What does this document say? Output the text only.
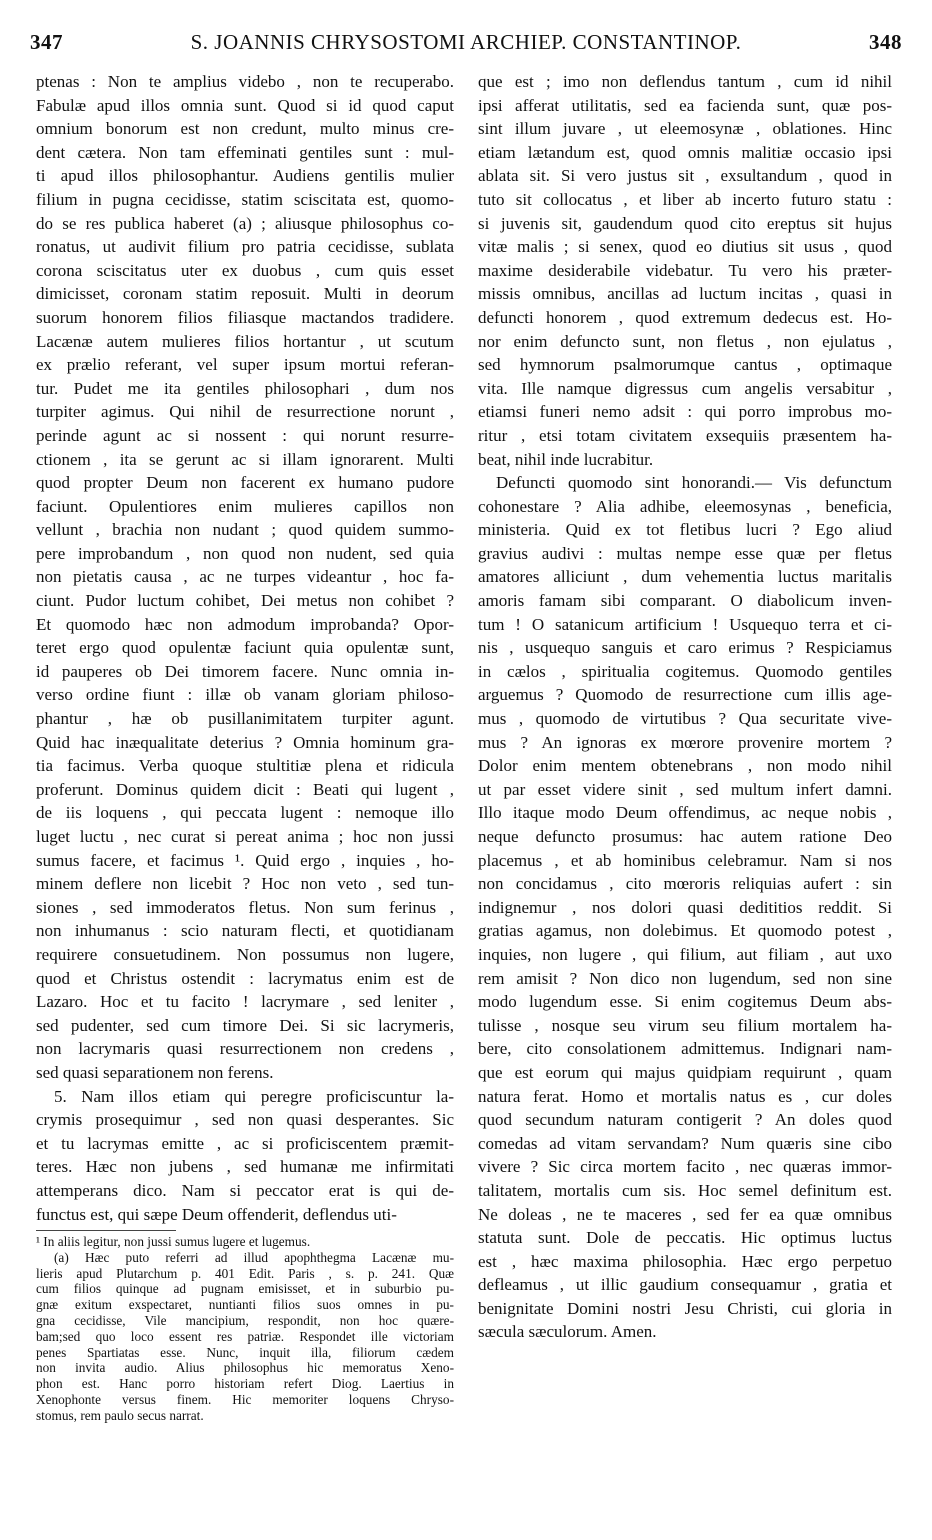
347	S. JOANNIS CHRYSOSTOMI ARCHIEP. CONSTANTINOP.	348
ptenas : Non te amplius videbo , non te recuperabo.
Fabulæ apud illos omnia sunt. Quod si id quod caput
omnium bonorum est non credunt, multo minus cre-
dent cætera. Non tam effeminati gentiles sunt : mul-
ti apud illos philosophantur. Audiens gentilis mulier
filium in pugna cecidisse, statim sciscitata est, quomo-
do se res publica haberet (a) ; aliusque philosophus co-
ronatus, ut audivit filium pro patria cecidisse, sublata
corona sciscitatus uter ex duobus , cum quis esset
dimicisset, coronam statim reposuit. Multi in deorum
suorum honorem filios filiasque mactandos tradidere.
Lacænæ autem mulieres filios hortantur , ut scutum
ex prælio referant, vel super ipsum mortui referan-
tur. Pudet me ita gentiles philosophari , dum nos
turpiter agimus. Qui nihil de resurrectione norunt ,
perinde agunt ac si nossent : qui norunt resurre-
ctionem , ita se gerunt ac si illam ignorarent. Multi
quod propter Deum non facerent ex humano pudore
faciunt. Opulentiores enim mulieres capillos non
vellunt , brachia non nudant ; quod quidem summo-
pere improbandum , non quod non nudent, sed quia
non pietatis causa , ac ne turpes videantur , hoc fa-
ciunt. Pudor luctum cohibet, Dei metus non cohibet ?
Et quomodo hæc non admodum improbanda? Opor-
teret ergo quod opulentæ faciunt quia opulentæ sunt,
id pauperes ob Dei timorem facere. Nunc omnia in-
verso ordine fiunt : illæ ob vanam gloriam philoso-
phantur , hæ ob pusillanimitatem turpiter agunt.
Quid hac inæqualitate deterius ? Omnia hominum gra-
tia facimus. Verba quoque stultitiæ plena et ridicula
proferunt. Dominus quidem dicit : Beati qui lugent ,
de iis loquens , qui peccata lugent : nemoque illo
luget luctu , nec curat si pereat anima ; hoc non jussi
sumus facere, et facimus ¹. Quid ergo , inquies , ho-
minem deflere non licebit ? Hoc non veto , sed tun-
siones , sed immoderatos fletus. Non sum ferinus ,
non inhumanus : scio naturam flecti, et quotidianam
requirere consuetudinem. Non possumus non lugere,
quod et Christus ostendit : lacrymatus enim est de
Lazaro. Hoc et tu facito ! lacrymare , sed leniter ,
sed pudenter, sed cum timore Dei. Si sic lacrymeris,
non lacrymaris quasi resurrectionem non credens ,
sed quasi separationem non ferens.
5. Nam illos etiam qui peregre proficiscuntur la-
crymis prosequimur , sed non quasi desperantes. Sic
et tu lacrymas emitte , ac si proficiscentem præmit-
teres. Hæc non jubens , sed humanæ me infirmitati
attemperans dico. Nam si peccator erat is qui de-
functus est, qui sæpe Deum offenderit, deflendus uti-
que est ; imo non deflendus tantum , cum id nihil
ipsi afferat utilitatis, sed ea facienda sunt, quæ pos-
sint illum juvare , ut eleemosynæ , oblationes. Hinc
etiam lætandum est, quod omnis malitiæ occasio ipsi
ablata sit. Si vero justus sit , exsultandum , quod in
tuto sit collocatus , et liber ab incerto futuro statu :
si juvenis sit, gaudendum quod cito ereptus sit hujus
vitæ malis ; si senex, quod eo diutius sit usus , quod
maxime desiderabile videbatur. Tu vero his præter-
missis omnibus, ancillas ad luctum incitas , quasi in
defuncti honorem , quod extremum dedecus est. Ho-
nor enim defuncto sunt, non fletus , non ejulatus ,
sed hymnorum psalmorumque cantus , optimaque
vita. Ille namque digressus cum angelis versabitur ,
etiamsi funeri nemo adsit : qui porro improbus mo-
ritur , etsi totam civitatem exsequiis præsentem ha-
beat, nihil inde lucrabitur.
Defuncti quomodo sint honorandi.— Vis defunctum
cohonestare ? Alia adhibe, eleemosynas , beneficia,
ministeria. Quid ex tot fletibus lucri ? Ego aliud
gravius audivi : multas nempe esse quæ per fletus
amatores alliciunt , dum vehementia luctus maritalis
amoris famam sibi comparant. O diabolicum inven-
tum ! O satanicum artificium ! Usquequo terra et ci-
nis , usquequo sanguis et caro erimus ? Respiciamus
in cælos , spiritualia cogitemus. Quomodo gentiles
arguemus ? Quomodo de resurrectione cum illis age-
mus , quomodo de virtutibus ? Qua securitate vive-
mus ? An ignoras ex mœrore provenire mortem ?
Dolor enim mentem obtenebrans , non modo nihil
ut par esset videre sinit , sed multum infert damni.
Illo itaque modo Deum offendimus, ac neque nobis ,
neque defuncto prosumus: hac autem ratione Deo
placemus , et ab hominibus celebramur. Nam si nos
non concidamus , cito mœroris reliquias aufert : sin
indignemur , nos dolori quasi dedititios reddit. Si
gratias agamus, non dolebimus. Et quomodo potest ,
inquies, non lugere , qui filium, aut filiam , aut uxo
rem amisit ? Non dico non lugendum, sed non sine
modo lugendum esse. Si enim cogitemus Deum abs-
tulisse , nosque seu virum seu filium mortalem ha-
bere, cito consolationem admittemus. Indignari nam-
que est eorum qui majus quidpiam requirunt , quam
natura ferat. Homo et mortalis natus es , cur doles
quod secundum naturam contigerit ? An doles quod
comedas ad vitam servandam? Num quæris sine cibo
vivere ? Sic circa mortem facito , nec quæras immor-
talitatem, mortalis cum sis. Hoc semel definitum est.
Ne doleas , ne te maceres , sed fer ea quæ omnibus
statuta sunt. Dole de peccatis. Hic optimus luctus
est , hæc maxima philosophia. Hæc ergo perpetuo
defleamus , ut illic gaudium consequamur , gratia et
benignitate Domini nostri Jesu Christi, cui gloria in
sæcula sæculorum. Amen.
¹ In aliis legitur, non jussi sumus lugere et lugemus.
(a) Hæc puto referri ad illud apophthegma Lacænæ mu-
lieris apud Plutarchum p. 401 Edit. Paris , s. p. 241. Quæ
cum filios quinque ad pugnam emisisset, et in suburbio pu-
gnæ exitum exspectaret, nuntianti filios suos omnes in pu-
gna cecidisse, Vile mancipium, respondit, non hoc quære-
bam;sed quo loco essent res patriæ. Respondet ille victoriam
penes Spartiatas esse. Nunc, inquit illa, filiorum cædem
non invita audio. Alius philosophus hic memoratus Xeno-
phon est. Hanc porro historiam refert Diog. Laertius in
Xenophonte versus finem. Hic memoriter loquens Chryso-
stomus, rem paulo secus narrat.
